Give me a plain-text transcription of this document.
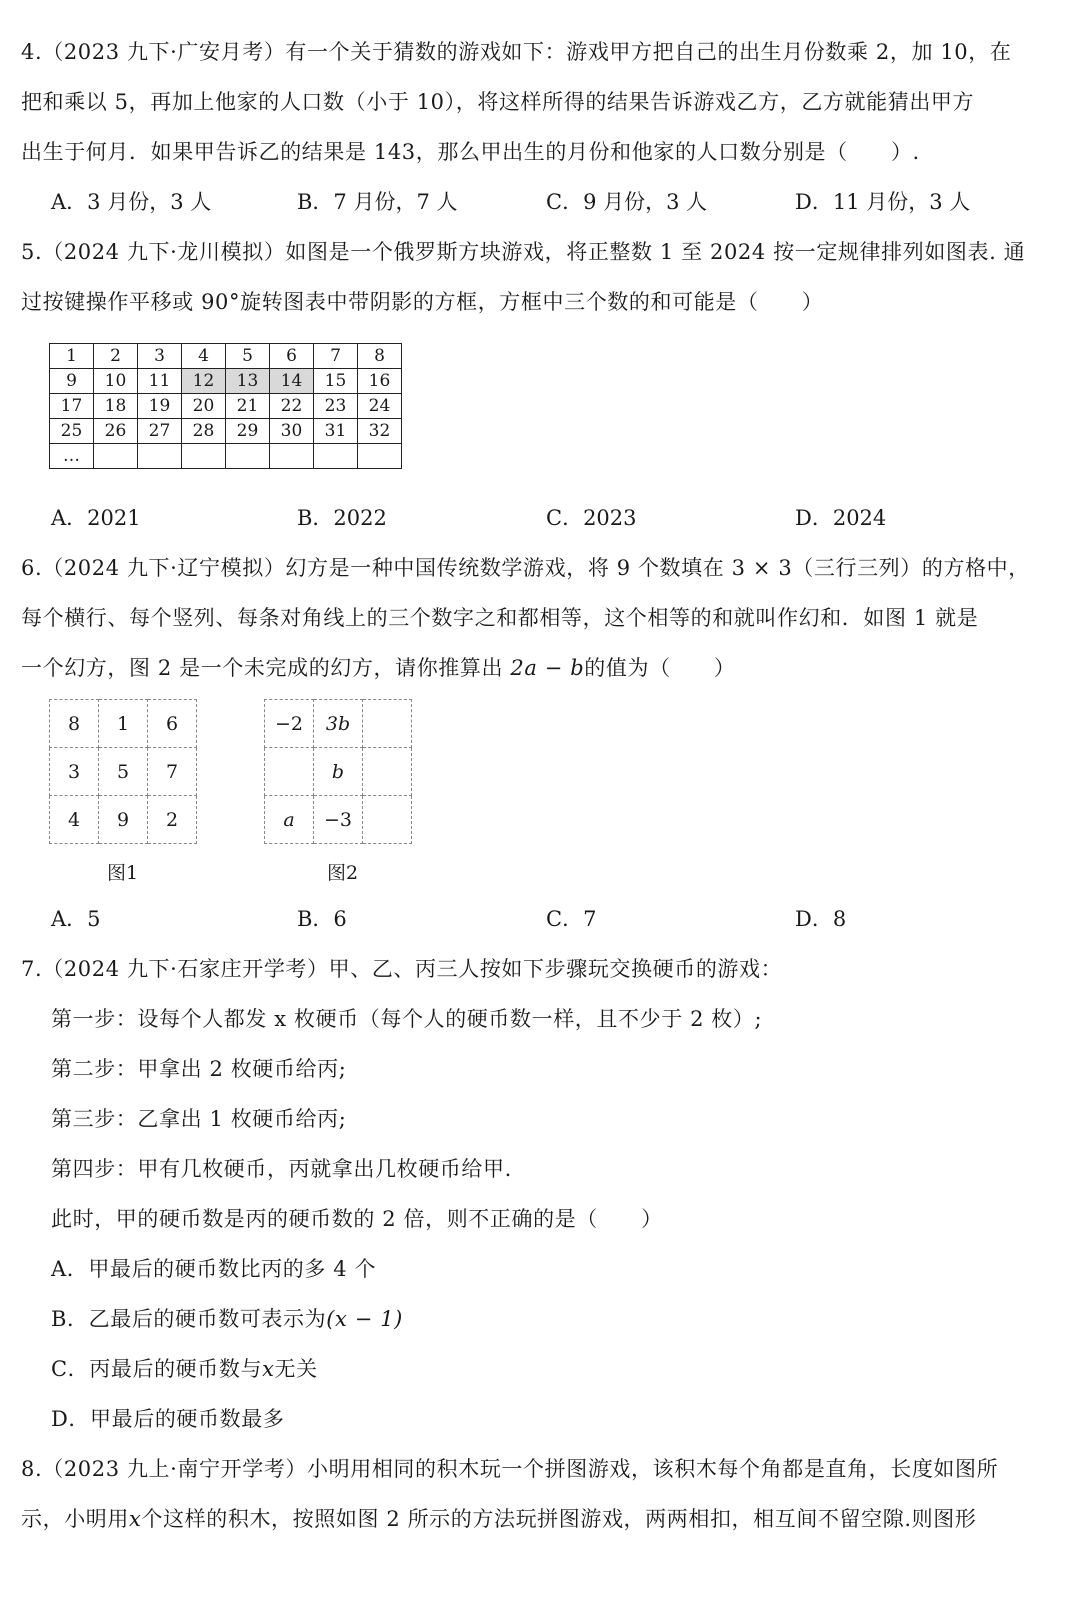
4.（2023 九下·广安月考）有一个关于猜数的游戏如下：游戏甲方把自己的出生月份数乘 2，加 10，在
把和乘以 5，再加上他家的人口数（小于 10），将这样所得的结果告诉游戏乙方，乙方就能猜出甲方
出生于何月．如果甲告诉乙的结果是 143，那么甲出生的月份和他家的人口数分别是（　　）.
A．3 月份，3 人	B．7 月份，7 人	C．9 月份，3 人	D．11 月份，3 人
5.（2024 九下·龙川模拟）如图是一个俄罗斯方块游戏，将正整数 1 至 2024 按一定规律排列如图表. 通
过按键操作平移或 90°旋转图表中带阴影的方框，方框中三个数的和可能是（　　）
1	2	3	4	5	6	7	8
9	10	11	12	13	14	15	16
17	18	19	20	21	22	23	24
25	26	27	28	29	30	31	32
…							
A．2021	B．2022	C．2023	D．2024
6.（2024 九下·辽宁模拟）幻方是一种中国传统数学游戏，将 9 个数填在 3 × 3（三行三列）的方格中，
每个横行、每个竖列、每条对角线上的三个数字之和都相等，这个相等的和就叫作幻和．如图 1 就是
一个幻方，图 2 是一个未完成的幻方，请你推算出 2a − b的值为（　　）
8	1	6
3	5	7
4	9	2
图1
−2	3b	
	b	
a	−3	
图2
A．5	B．6	C．7	D．8
7.（2024 九下·石家庄开学考）甲、乙、丙三人按如下步骤玩交换硬币的游戏：
第一步：设每个人都发 x 枚硬币（每个人的硬币数一样，且不少于 2 枚）;
第二步：甲拿出 2 枚硬币给丙;
第三步：乙拿出 1 枚硬币给丙;
第四步：甲有几枚硬币，丙就拿出几枚硬币给甲.
此时，甲的硬币数是丙的硬币数的 2 倍，则不正确的是（　　）
A．甲最后的硬币数比丙的多 4 个
B．乙最后的硬币数可表示为(x − 1)
C．丙最后的硬币数与x无关
D．甲最后的硬币数最多
8.（2023 九上·南宁开学考）小明用相同的积木玩一个拼图游戏，该积木每个角都是直角，长度如图所
示，小明用x个这样的积木，按照如图 2 所示的方法玩拼图游戏，两两相扣，相互间不留空隙.则图形
